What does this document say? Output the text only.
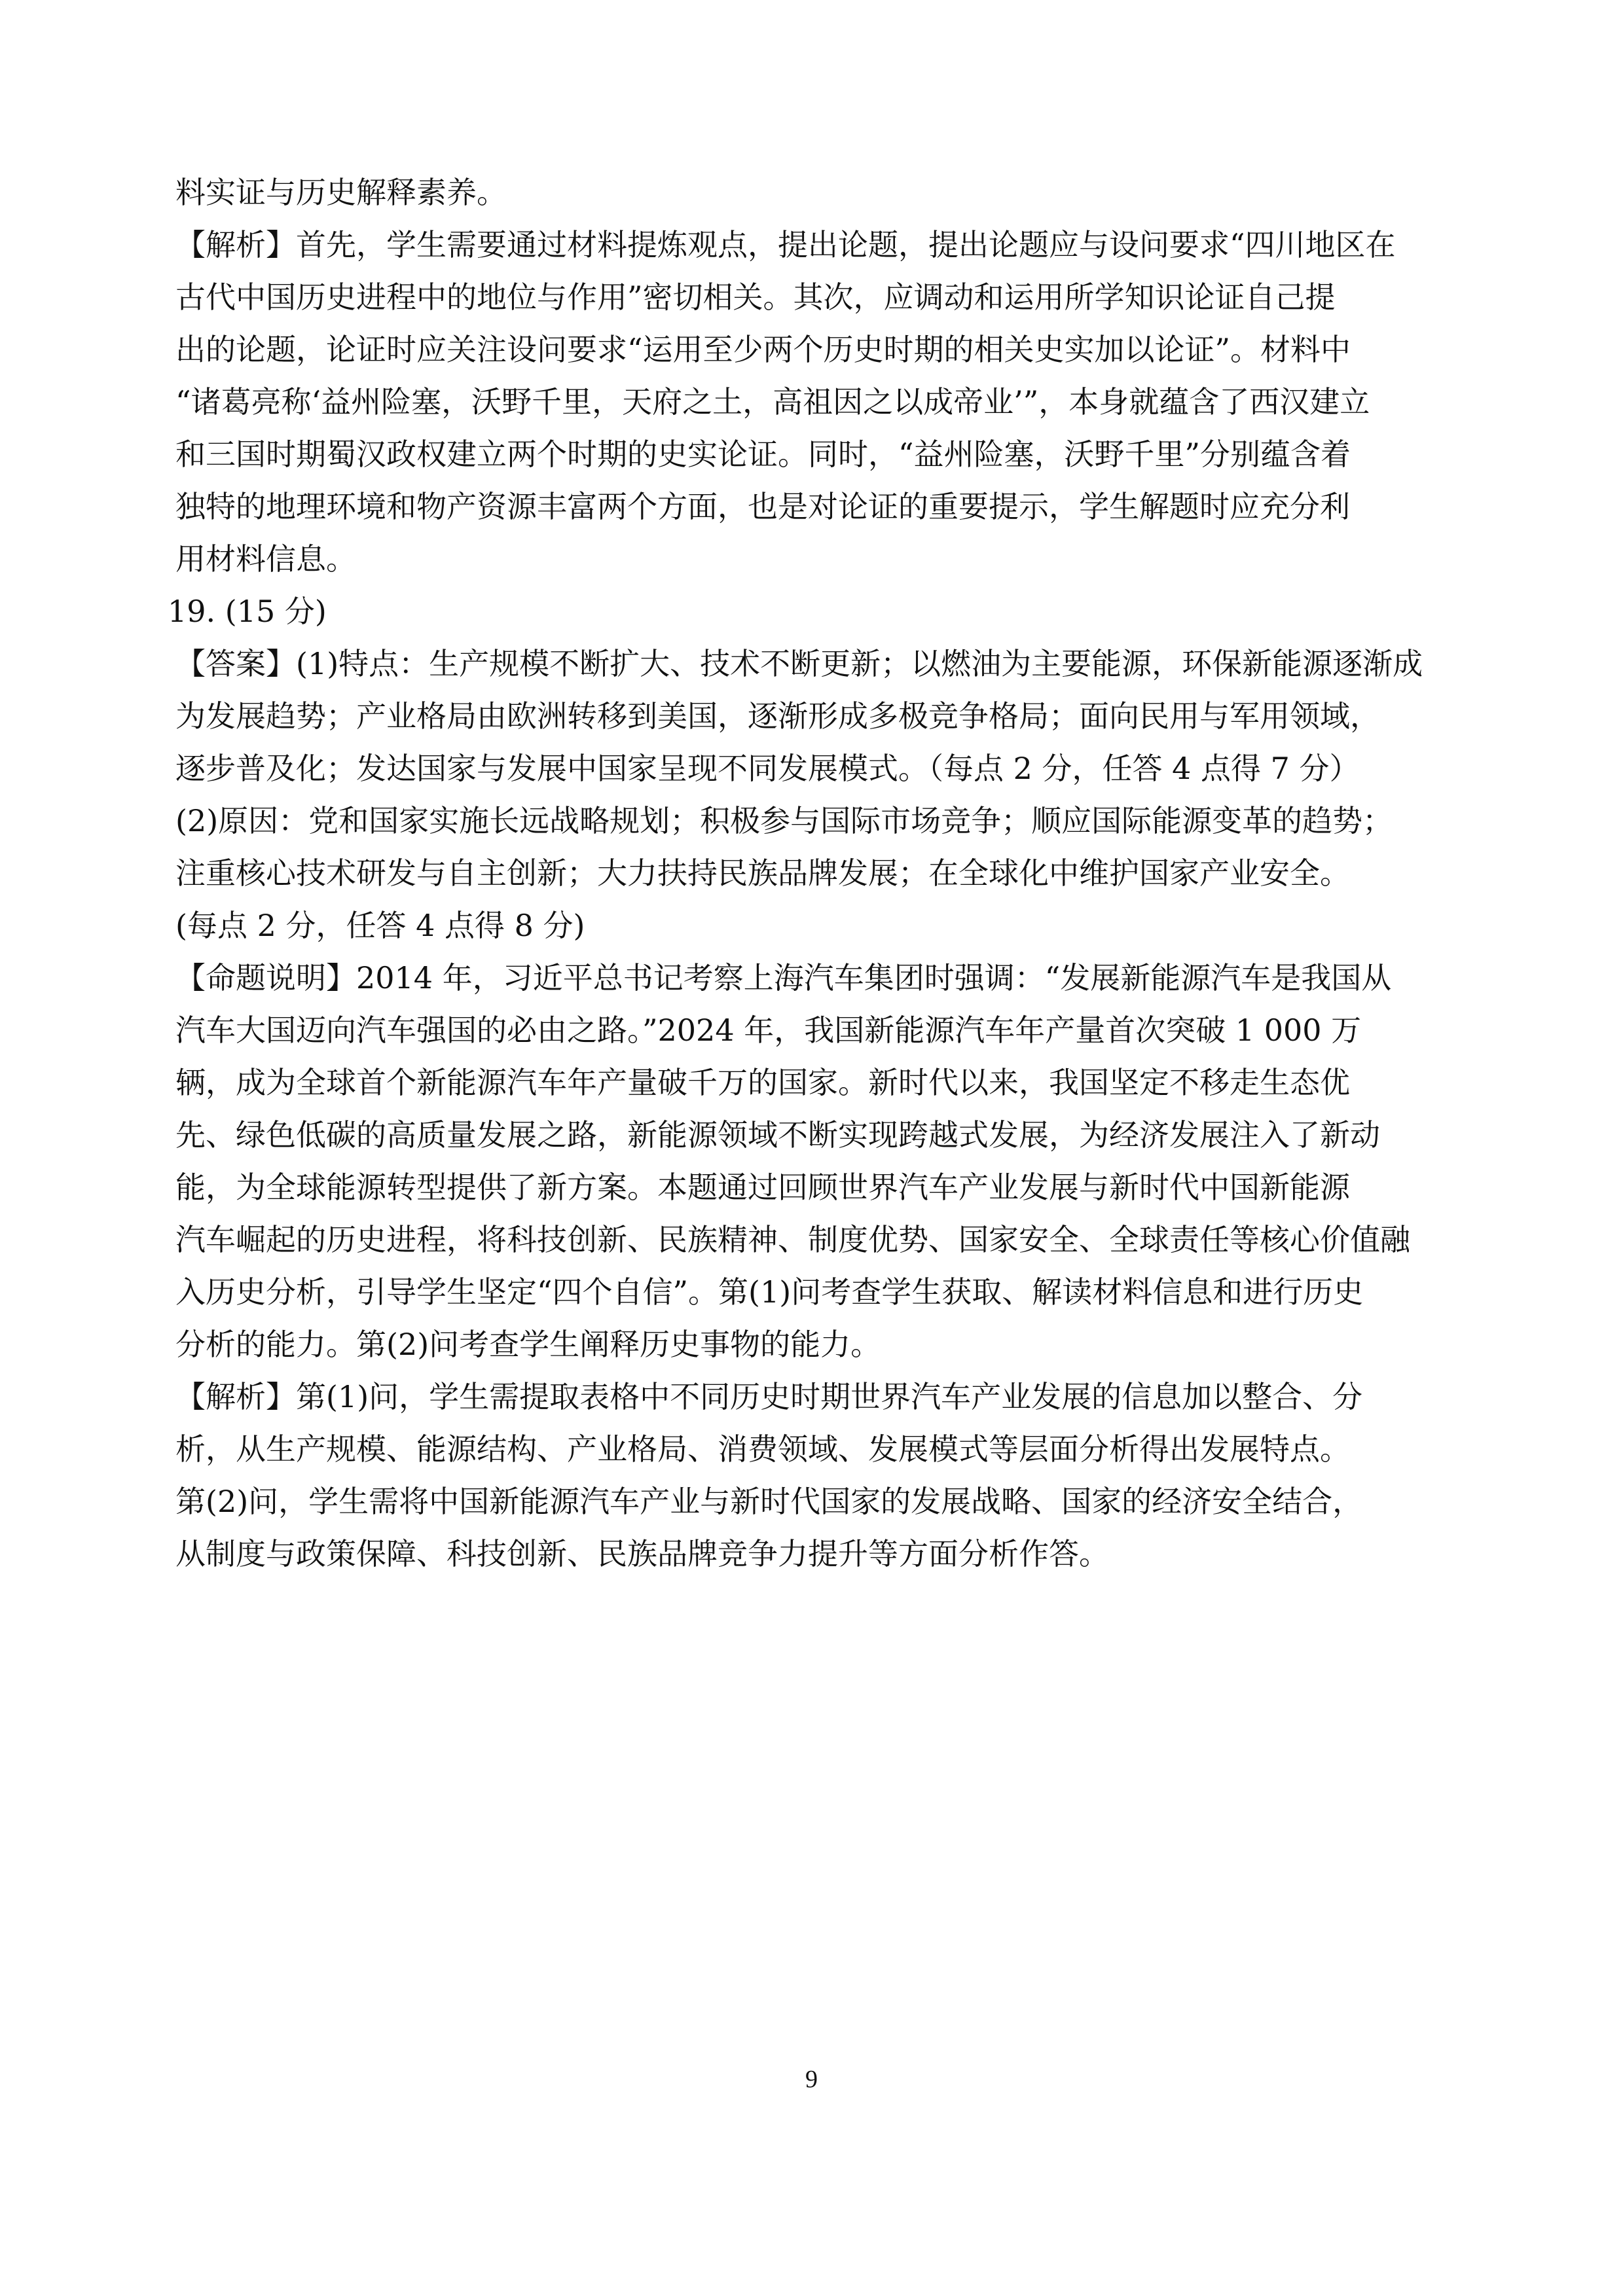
料实证与历史解释素养。
【解析】首先，学生需要通过材料提炼观点，提出论题，提出论题应与设问要求“四川地区在
古代中国历史进程中的地位与作用”密切相关。其次，应调动和运用所学知识论证自己提
出的论题，论证时应关注设问要求“运用至少两个历史时期的相关史实加以论证”。材料中
“诸葛亮称‘益州险塞，沃野千里，天府之土，高祖因之以成帝业’”，本身就蕴含了西汉建立
和三国时期蜀汉政权建立两个时期的史实论证。同时，“益州险塞，沃野千里”分别蕴含着
独特的地理环境和物产资源丰富两个方面，也是对论证的重要提示，学生解题时应充分利
用材料信息。
19. (15 分)
【答案】(1)特点：生产规模不断扩大、技术不断更新；以燃油为主要能源，环保新能源逐渐成
为发展趋势；产业格局由欧洲转移到美国，逐渐形成多极竞争格局；面向民用与军用领域，
逐步普及化；发达国家与发展中国家呈现不同发展模式。（每点 2 分，任答 4 点得 7 分）
(2)原因：党和国家实施长远战略规划；积极参与国际市场竞争；顺应国际能源变革的趋势；
注重核心技术研发与自主创新；大力扶持民族品牌发展；在全球化中维护国家产业安全。
(每点 2 分，任答 4 点得 8 分)
【命题说明】2014 年，习近平总书记考察上海汽车集团时强调：“发展新能源汽车是我国从
汽车大国迈向汽车强国的必由之路。”2024 年，我国新能源汽车年产量首次突破 1 000 万
辆，成为全球首个新能源汽车年产量破千万的国家。新时代以来，我国坚定不移走生态优
先、绿色低碳的高质量发展之路，新能源领域不断实现跨越式发展，为经济发展注入了新动
能，为全球能源转型提供了新方案。本题通过回顾世界汽车产业发展与新时代中国新能源
汽车崛起的历史进程，将科技创新、民族精神、制度优势、国家安全、全球责任等核心价值融
入历史分析，引导学生坚定“四个自信”。第(1)问考查学生获取、解读材料信息和进行历史
分析的能力。第(2)问考查学生阐释历史事物的能力。
【解析】第(1)问，学生需提取表格中不同历史时期世界汽车产业发展的信息加以整合、分
析，从生产规模、能源结构、产业格局、消费领域、发展模式等层面分析得出发展特点。
第(2)问，学生需将中国新能源汽车产业与新时代国家的发展战略、国家的经济安全结合，
从制度与政策保障、科技创新、民族品牌竞争力提升等方面分析作答。
9
